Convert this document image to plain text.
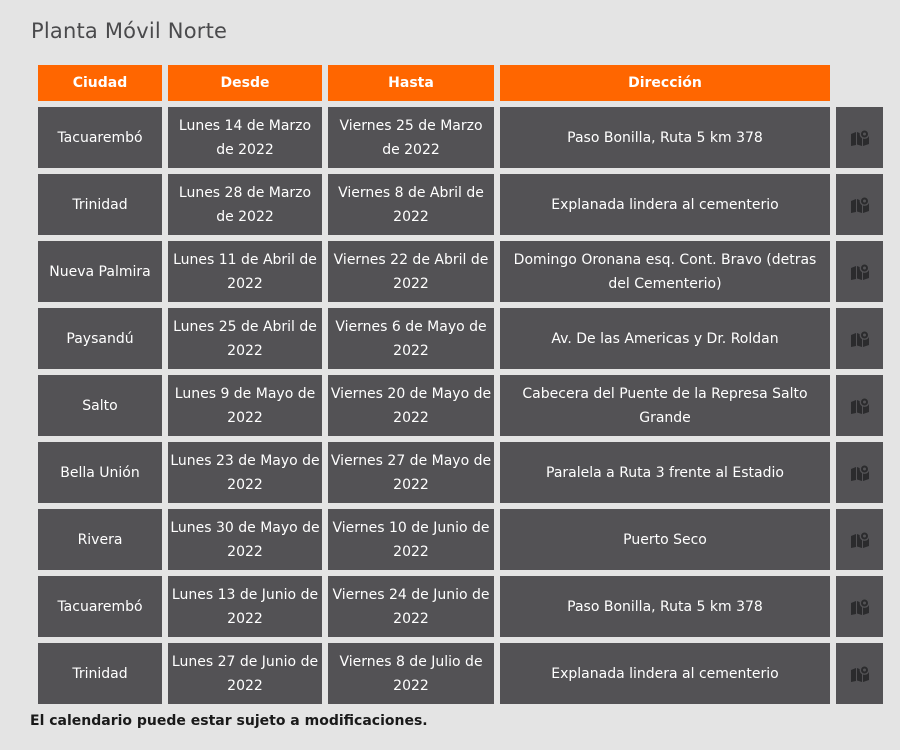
Planta Móvil Norte
Ciudad	Desde	Hasta	Dirección	
Tacuarembó	Lunes 14 de Marzo de 2022	Viernes 25 de Marzo de 2022	Paso Bonilla, Ruta 5 km 378	

Trinidad	Lunes 28 de Marzo de 2022	Viernes 8 de Abril de 2022	Explanada lindera al cementerio	

Nueva Palmira	Lunes 11 de Abril de 2022	Viernes 22 de Abril de 2022	Domingo Oronana esq. Cont. Bravo (detras del Cementerio)	

Paysandú	Lunes 25 de Abril de 2022	Viernes 6 de Mayo de 2022	Av. De las Americas y Dr. Roldan	

Salto	Lunes 9 de Mayo de 2022	Viernes 20 de Mayo de 2022	Cabecera del Puente de la Represa Salto Grande	

Bella Unión	Lunes 23 de Mayo de 2022	Viernes 27 de Mayo de 2022	Paralela a Ruta 3 frente al Estadio	

Rivera	Lunes 30 de Mayo de 2022	Viernes 10 de Junio de 2022	Puerto Seco	

Tacuarembó	Lunes 13 de Junio de 2022	Viernes 24 de Junio de 2022	Paso Bonilla, Ruta 5 km 378	

Trinidad	Lunes 27 de Junio de 2022	Viernes 8 de Julio de 2022	Explanada lindera al cementerio	
El calendario puede estar sujeto a modificaciones.
